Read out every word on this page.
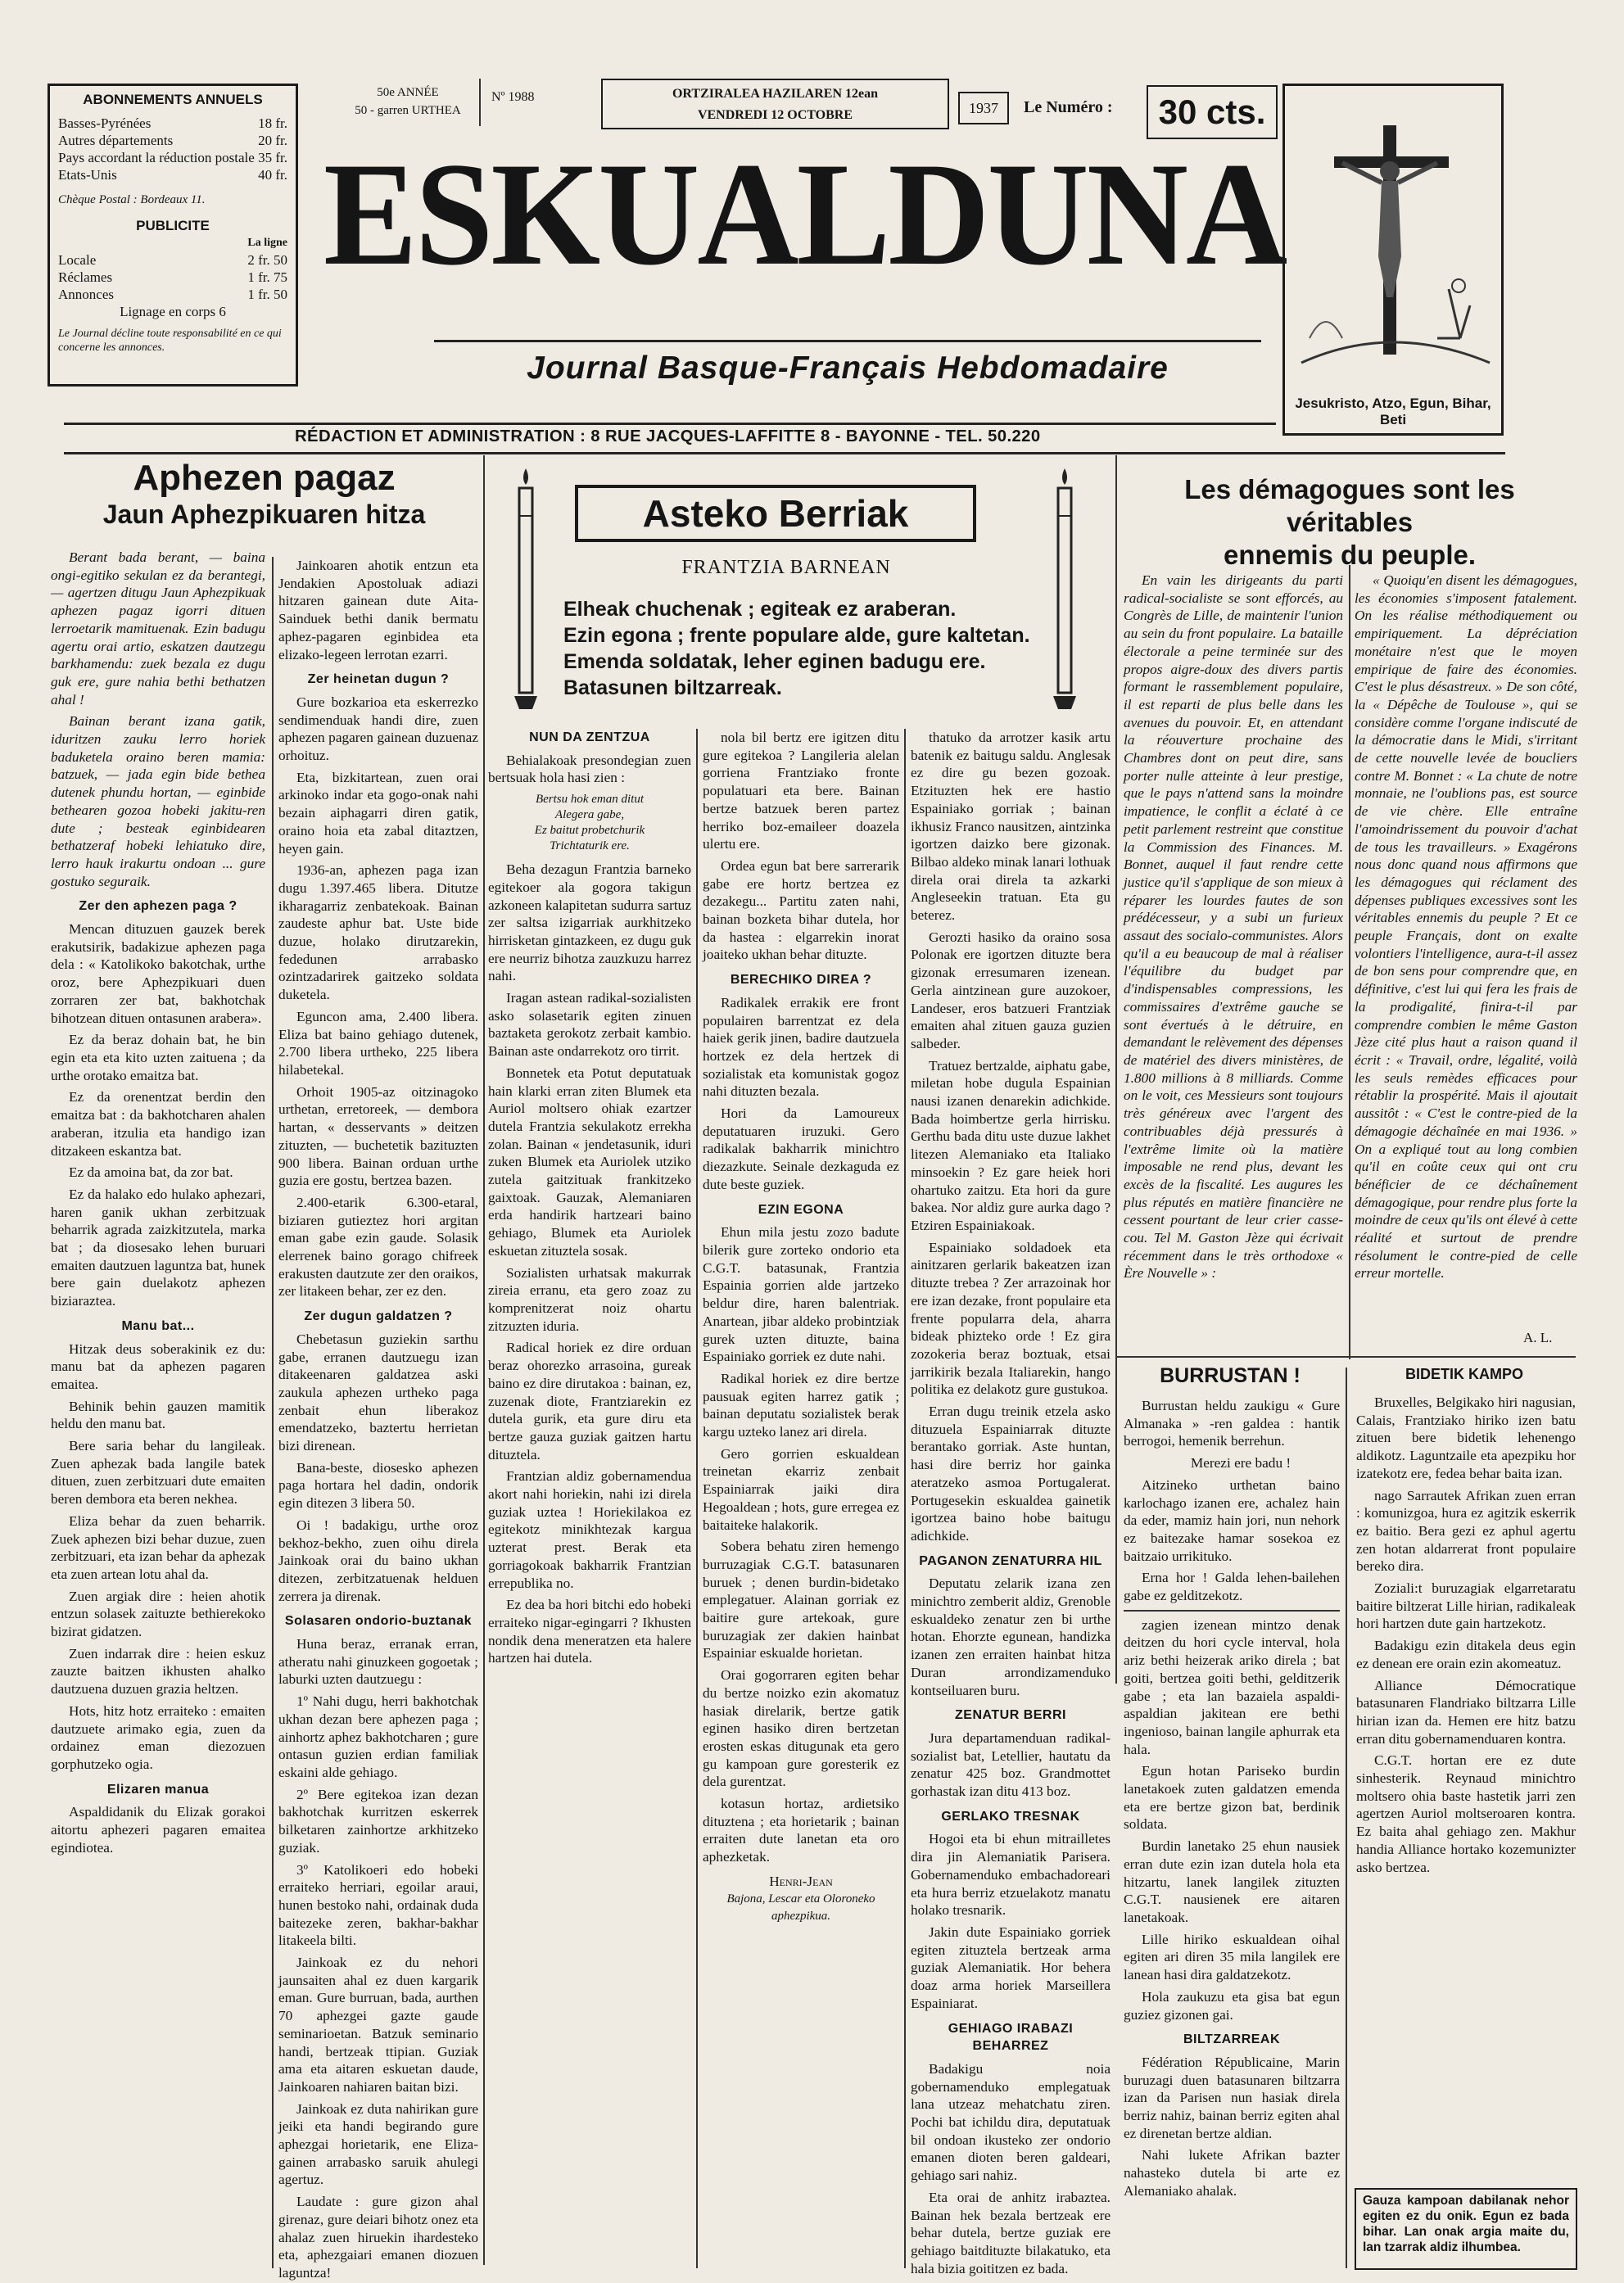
ABONNEMENTS ANNUELS
Basses-Pyrénées	18 fr.
Autres départements	20 fr.
Pays accordant la réduction postale 35 fr.
Etats-Unis	40 fr.
Chèque Postal : Bordeaux 11.
PUBLICITE
La ligne
Locale	2 fr. 50
Réclames	1 fr. 75
Annonces	1 fr. 50
Lignage en corps 6
Le Journal décline toute responsabilité en ce qui concerne les annonces.
50e ANNÉE
50 - garren URTHEA
Nº 1988	ORTZIRALEA HAZILAREN 12ean
VENDREDI 12 OCTOBRE	1937	Le Numéro :	30 cts.
ESKUALDUNA
Journal Basque-Français Hebdomadaire
Jesukristo, Atzo, Egun, Bihar, Beti
RÉDACTION ET ADMINISTRATION : 8 RUE JACQUES-LAFFITTE 8 - BAYONNE - TEL. 50.220
Aphezen pagaz
Jaun Aphezpikuaren hitza

Berant bada berant, — baina ongi-egitiko sekulan ez da berantegi, — agertzen ditugu Jaun Aphezpikuak aphezen pagaz igorri dituen lerroetarik mamituenak. Ezin badugu agertu orai artio, eskatzen dautzegu barkhamendu: zuek bezala ez dugu guk ere, gure nahia bethi bethatzen ahal !

Bainan berant izana gatik, iduritzen zauku lerro horiek baduketela oraino beren mamia: batzuek, — jada egin bide bethea dutenek phundu hortan, — eginbide bethearen gozoa hobeki jakitu-ren dute ; besteak eginbidearen bethatzeraf hobeki lehiatuko dire, lerro hauk irakurtu ondoan ... gure gostuko seguraik.

Zer den aphezen paga ?

Mencan dituzuen gauzek berek erakutsirik, badakizue aphezen paga dela : « Katolikoko bakotchak, urthe oroz, bere Aphezpikuari duen zorraren zer bat, bakhotchak bihotzean dituen ontasunen arabera».

Ez da beraz dohain bat, he bin egin eta eta kito uzten zaituena ; da urthe orotako emaitza bat.

Ez da orenentzat berdin den emaitza bat : da bakhotcharen ahalen araberan, itzulia eta handigo izan ditzakeen eskantza bat.

Ez da amoina bat, da zor bat.

Ez da halako edo hulako aphezari, haren ganik ukhan zerbitzuak beharrik agrada zaizkitzutela, marka bat ; da diosesako lehen buruari emaiten dautzuen laguntza bat, hunek bere gain duelakotz aphezen biziaraztea.

Manu bat...

Hitzak deus soberakinik ez du: manu bat da aphezen pagaren emaitea.

Behinik behin gauzen mamitik heldu den manu bat.

Bere saria behar du langileak. Zuen aphezak bada langile batek dituen, zuen zerbitzuari dute emaiten beren dembora eta beren nekhea.

Eliza behar da zuen beharrik. Zuek aphezen bizi behar duzue, zuen zerbitzuari, eta izan behar da aphezak eta zuen artean lotu ahal da.

Zuen argiak dire : heien ahotik entzun solasek zaituzte bethierekoko bizirat gidatzen.

Zuen indarrak dire : heien eskuz zauzte baitzen ikhusten ahalko dautzuena duzuen grazia heltzen.

Hots, hitz hotz erraiteko : emaiten dautzuete arimako egia, zuen da ordainez eman diezozuen gorphutzeko ogia.

Elizaren manua

Aspaldidanik du Elizak gorakoi aitortu aphezeri pagaren emaitea egindiotea.

Jainkoaren ahotik entzun eta Jendakien Apostoluak adiazi hitzaren gainean dute Aita-Sainduek bethi danik bermatu aphez-pagaren eginbidea eta elizako-legeen lerrotan ezarri.

Zer heinetan dugun ?

Gure bozkarioa eta eskerrezko sendimenduak handi dire, zuen aphezen pagaren gainean duzuenaz orhoituz.

Eta, bizkitartean, zuen orai arkinoko indar eta gogo-onak nahi bezain aiphagarri diren gatik, oraino hoia eta zabal ditaztzen, heyen gain.

1936-an, aphezen paga izan dugu 1.397.465 libera. Ditutze ikharagarriz zenbatekoak. Bainan zaudeste aphur bat. Uste bide duzue, holako dirutzarekin, fededunen arrabasko ozintzadarirek gaitzeko soldata duketela.

Eguncon ama, 2.400 libera. Eliza bat baino gehiago dutenek, 2.700 libera urtheko, 225 libera hilabetekal.

Orhoit 1905-az oitzinagoko urthetan, erretoreek, — dembora hartan, « desservants » deitzen zituzten, — buchetetik bazituzten 900 libera. Bainan orduan urthe guzia ere gostu, bertzea bazen.

2.400-etarik 6.300-etaral, biziaren gutieztez hori argitan eman gabe ezin gaude. Solasik elerrenek baino gorago chifreek erakusten dautzute zer den oraikos, zer litakeen behar, zer ez den.

Zer dugun galdatzen ?

Chebetasun guziekin sarthu gabe, erranen dautzuegu izan ditakeenaren galdatzea aski zaukula aphezen urtheko paga zenbait ehun liberakoz emendatzeko, baztertu herrietan bizi direnean.

Bana-beste, diosesko aphezen paga hortara hel dadin, ondorik egin ditezen 3 libera 50.

Oi ! badakigu, urthe oroz bekhoz-bekho, zuen oihu direla Jainkoak orai du baino ukhan ditezen, zerbitzatuenak helduen zerrera ja direnak.

Solasaren ondorio-buztanak

Huna beraz, erranak erran, atheratu nahi ginuzkeen gogoetak ; laburki uzten dautzuegu :

1º Nahi dugu, herri bakhotchak ukhan dezan bere aphezen paga ; ainhortz aphez bakhotcharen ; gure ontasun guzien erdian familiak eskaini alde gehiago.

2º Bere egitekoa izan dezan bakhotchak kurritzen eskerrek bilketaren zainhortze arkhitzeko guziak.

3º Katolikoeri edo hobeki erraiteko herriari, egoilar araui, hunen bestoko nahi, ordainak duda baitezeke zeren, bakhar-bakhar litakeela bilti.

Jainkoak ez du nehori jaunsaiten ahal ez duen kargarik eman. Gure burruan, bada, aurthen 70 aphezgei gazte gaude seminarioetan. Batzuk seminario handi, bertzeak ttipian. Guziak ama eta aitaren eskuetan daude, Jainkoaren nahiaren baitan bizi.

Jainkoak ez duta nahirikan gure jeiki eta handi begirando gure aphezgai horietarik, ene Eliza-gainen arrabasko saruik ahulegi agertuz.

Laudate : gure gizon ahal girenaz, gure deiari bihotz onez eta ahalaz zuen hiruekin ihardesteko eta, aphezgaiari emanen diozuen laguntza!

Asteko Berriak
FRANTZIA BARNEAN
Elheak chuchenak ; egiteak ez araberan.
Ezin egona ; frente populare alde, gure kaltetan.
Emenda soldatak, leher eginen badugu ere.
Batasunen biltzarreak.
NUN DA ZENTZUA

Behialakoak presondegian zuen bertsuak hola hasi zien :

Bertsu hok eman ditut
Alegera gabe,
Ez baitut probetchurik
Trichtaturik ere.

Beha dezagun Frantzia barneko egitekoer ala gogora takigun azkoneen kalapitetan sudurra sartuz zer saltsa izigarriak aurkhitzeko hirrisketan gintazkeen, ez dugu guk ere neurriz bihotza zauzkuzu harrez nahi.

Iragan astean radikal-sozialisten asko solasetarik egiten zinuen baztaketa gerokotz zerbait kambio. Bainan aste ondarrekotz oro tirrit.

Bonnetek eta Potut deputatuak hain klarki erran ziten Blumek eta Auriol moltsero ohiak ezartzer dutela Frantzia sekulakotz errekha zolan. Bainan « jendetasunik, iduri zuken Blumek eta Auriolek utziko zutela gaitzituak frankitzeko gaixtoak. Gauzak, Alemaniaren erda handirik hartzeari baino gehiago, Blumek eta Auriolek eskuetan zituztela sosak.

Sozialisten urhatsak makurrak zireia erranu, eta gero zoaz zu komprenitzerat noiz ohartu zitzuzten iduria.

Radical horiek ez dire orduan beraz ohorezko arrasoina, gureak baino ez dire dirutakoa : bainan, ez, zuzenak diote, Frantziarekin ez dutela gurik, eta gure diru eta bertze gauza guziak gaitzen hartu dituztela.

Frantzian aldiz gobernamendua akort nahi horiekin, nahi izi direla guziak uztea ! Horiekilakoa ez egitekotz minikhtezak kargua uzterat prest. Berak eta gorriagokoak bakharrik Frantzian errepublika no.

Ez dea ba hori bitchi edo hobeki erraiteko nigar-egingarri ? Ikhusten nondik dena meneratzen eta halere hartzen hai dutela.

nola bil bertz ere igitzen ditu gure egitekoa ? Langileria alelan gorriena Frantziako fronte populatuari eta bere. Bainan bertze batzuek beren partez herriko boz-emaileer doazela ulertu ere.

Ordea egun bat bere sarrerarik gabe ere hortz bertzea ez dezakegu... Partitu zaten nahi, bainan bozketa bihar dutela, hor da hastea : elgarrekin inorat joaiteko ukhan behar dituzte.

BERECHIKO DIREA ?

Radikalek errakik ere front populairen barrentzat ez dela haiek gerik jinen, badire dautzuela hortzek ez dela hertzek di sozialistak eta komunistak gogoz nahi dituzten bezala.

Hori da Lamoureux deputatuaren iruzuki. Gero radikalak bakharrik minichtro diezazkute. Seinale dezkaguda ez dute beste guziek.

EZIN EGONA

Ehun mila jestu zozo badute bilerik gure zorteko ondorio eta C.G.T. batasunak, Frantzia Espainia gorrien alde jartzeko beldur dire, haren balentriak. Anartean, jibar aldeko probintziak gurek uzten dituzte, baina Espainiako gorriek ez dute nahi.

Radikal horiek ez dire bertze pausuak egiten harrez gatik ; bainan deputatu sozialistek berak kargu uzteko lanez ari direla.

Gero gorrien eskualdean treinetan ekarriz zenbait Espainiarrak jaiki dira Hegoaldean ; hots, gure erregea ez baitaiteke halakorik.

Sobera behatu ziren hemengo burruzagiak C.G.T. batasunaren buruek ; denen burdin-bidetako emplegatuer. Alainan gorriak ez baitire gure artekoak, gure buruzagiak zer dakien hainbat Espainiar eskualde horietan.

Orai gogorraren egiten behar du bertze noizko ezin akomatuz hasiak direlarik, bertze gatik eginen hasiko diren bertzetan erosten eskas ditugunak eta gero gu kampoan gure goresterik ez dela gurentzat.

kotasun hortaz, ardietsiko dituztena ; eta horietarik ; bainan erraiten dute lanetan eta oro aphezketak.

Henri-Jean
Bajona, Lescar eta Oloroneko aphezpikua.

thatuko da arrotzer kasik artu batenik ez baitugu saldu. Anglesak ez dire gu bezen gozoak. Etzituzten hek ere hastio Espainiako gorriak ; bainan ikhusiz Franco nausitzen, aintzinka igortzen daizko bere gizonak. Bilbao aldeko minak lanari lothuak direla orai direla ta azkarki Angleseekin tratuan. Eta gu beterez.

Gerozti hasiko da oraino sosa Polonak ere igortzen dituzte bera gizonak erresumaren izenean. Gerla aintzinean gure auzokoer, Landeser, eros batzueri Frantziak emaiten ahal zituen gauza guzien salbeder.

Tratuez bertzalde, aiphatu gabe, miletan hobe dugula Espainian nausi izanen denarekin adichkide. Bada hoimbertze gerla hirrisku. Gerthu bada ditu uste duzue lakhet litezen Alemaniako eta Italiako minsoekin ? Ez gare heiek hori ohartuko zaitzu. Eta hori da gure bakea. Nor aldiz gure aurka dago ? Etziren Espainiakoak.

Espainiako soldadoek eta ainitzaren gerlarik bakeatzen izan dituzte trebea ? Zer arrazoinak hor ere izan dezake, front populaire eta frente popularra dela, aharra bideak phizteko orde ! Ez gira zozokeria beraz boztuak, etsai jarrikirik bezala Italiarekin, hango politika ez delakotz gure gustukoa.

Erran dugu treinik etzela asko dituzuela Espainiarrak dituzte berantako gorriak. Aste huntan, hasi dire berriz hor gainka ateratzeko asmoa Portugalerat. Portugesekin eskualdea gainetik igortzea baino hobe baitugu adichkide.

PAGANON ZENATURRA HIL

Deputatu zelarik izana zen minichtro zemberit aldiz, Grenoble eskualdeko zenatur zen bi urthe hotan. Ehorzte egunean, handizka izanen zen erraiten hainbat hitza Duran arrondizamenduko kontseiluaren buru.

ZENATUR BERRI

Jura departamenduan radikal-sozialist bat, Letellier, hautatu da zenatur 425 boz. Grandmottet gorhastak izan ditu 413 boz.

GERLAKO TRESNAK

Hogoi eta bi ehun mitrailletes dira jin Alemaniatik Parisera. Gobernamenduko embachadoreari eta hura berriz etzuelakotz manatu holako tresnarik.

Jakin dute Espainiako gorriek egiten zituztela bertzeak arma guziak Alemaniatik. Hor behera doaz arma horiek Marseillera Espainiarat.

GEHIAGO IRABAZI BEHARREZ

Badakigu noia gobernamenduko emplegatuak lana utzeaz mehatchatu ziren. Pochi bat ichildu dira, deputatuak bil ondoan ikusteko zer ondorio emanen dioten beren galdeari, gehiago sari nahiz.

Eta orai de anhitz irabaztea. Bainan hek bezala bertzeak ere behar dutela, bertze guziak ere gehiago baitdituzte bilakatuko, eta hala bizia goititzen ez bada.

Les démagogues sont les véritables
ennemis du peuple.

En vain les dirigeants du parti radical-socialiste se sont efforcés, au Congrès de Lille, de maintenir l'union au sein du front populaire. La bataille électorale a peine terminée sur des propos aigre-doux des divers partis formant le rassemblement populaire, il est reparti de plus belle dans les avenues du pouvoir. Et, en attendant la réouverture prochaine des Chambres dont on peut dire, sans porter nulle atteinte à leur prestige, que le pays n'attend sans la moindre impatience, le conflit a éclaté à ce petit parlement restreint que constitue la Commission des Finances. M. Bonnet, auquel il faut rendre cette justice qu'il s'applique de son mieux à réparer les lourdes fautes de son prédécesseur, y a subi un furieux assaut des socialo-communistes. Alors qu'il a eu beaucoup de mal à réaliser l'équilibre du budget par d'indispensables compressions, les commissaires d'extrême gauche se sont évertués à le détruire, en demandant le relèvement des dépenses de matériel des divers ministères, de 1.800 millions à 8 milliards. Comme on le voit, ces Messieurs sont toujours très généreux avec l'argent des contribuables déjà pressurés à l'extrême limite où la matière imposable ne rend plus, devant les excès de la fiscalité. Les augures les plus réputés en matière financière ne cessent pourtant de leur crier casse-cou. Tel M. Gaston Jèze qui écrivait récemment dans le très orthodoxe « Ère Nouvelle » :

« Quoiqu'en disent les démagogues, les économies s'imposent fatalement. On les réalise méthodiquement ou empiriquement. La dépréciation monétaire n'est que le moyen empirique de faire des économies. C'est le plus désastreux. » De son côté, la « Dépêche de Toulouse », qui se considère comme l'organe indiscuté de la démocratie dans le Midi, s'irritant de cette nouvelle levée de boucliers contre M. Bonnet : « La chute de notre monnaie, ne l'oublions pas, est source de vie chère. Elle entraîne l'amoindrissement du pouvoir d'achat de tous les travailleurs. » Exagérons nous donc quand nous affirmons que les démagogues qui réclament des dépenses publiques excessives sont les véritables ennemis du peuple ? Et ce peuple Français, dont on exalte volontiers l'intelligence, aura-t-il assez de bon sens pour comprendre que, en définitive, c'est lui qui fera les frais de la prodigalité, finira-t-il par comprendre combien le même Gaston Jèze cité plus haut a raison quand il écrit : « Travail, ordre, légalité, voilà les seuls remèdes efficaces pour rétablir la prospérité. Mais il ajoutait aussitôt : « C'est le contre-pied de la démagogie déchaînée en mai 1936. » On a expliqué tout au long combien qu'il en coûte ceux qui ont cru bénéficier de ce déchaînement démagogique, pour rendre plus forte la moindre de ceux qu'ils ont élevé à cette réalité et surtout de prendre résolument le contre-pied de celle erreur mortelle.

A. L.
BURRUSTAN !

Burrustan heldu zaukigu « Gure Almanaka » -ren galdea : hantik berrogoi, hemenik berrehun.

Merezi ere badu !

Aitzineko urthetan baino karlochago izanen ere, achalez hain da eder, mamiz hain jori, nun nehork ez baitezake hamar sosekoa ez baitzaio urrikituko.

Erna hor ! Galda lehen-bailehen gabe ez gelditzekotz.

zagien izenean mintzo denak deitzen du hori cycle interval, hola ariz bethi heizerak ariko direla ; bat goiti, bertzea goiti bethi, gelditzerik gabe ; eta lan bazaiela aspaldi-aspaldian jakitean ere bethi ingenioso, bainan langile aphurrak eta hala.

Egun hotan Pariseko burdin lanetakoek zuten galdatzen emenda eta ere bertze gizon bat, berdinik soldata.

Burdin lanetako 25 ehun nausiek erran dute ezin izan dutela hola eta hitzartu, lanek langilek zituzten C.G.T. nausienek ere aitaren lanetakoak.

Lille hiriko eskualdean oihal egiten ari diren 35 mila langilek ere lanean hasi dira galdatzekotz.

Hola zaukuzu eta gisa bat egun guziez gizonen gai.

BILTZARREAK

Fédération Républicaine, Marin buruzagi duen batasunaren biltzarra izan da Parisen nun hasiak direla berriz nahiz, bainan berriz egiten ahal ez direnetan bertze aldian.

Nahi lukete Afrikan bazter nahasteko dutela bi arte ez Alemaniako ahalak.

BIDETIK KAMPO

Bruxelles, Belgikako hiri nagusian, Calais, Frantziako hiriko izen batu zituen bere bidetik lehenengo aldikotz. Laguntzaile eta apezpiku hor izatekotz ere, fedea behar baita izan.

nago Sarrautek Afrikan zuen erran : komunizgoa, hura ez agitzik eskerrik ez baitio. Bera gezi ez aphul agertu zen hotan aldarrerat front populaire bereko dira.

Zoziali:t buruzagiak elgarretaratu baitire biltzerat Lille hirian, radikaleak hori hartzen dute gain hartzekotz.

Badakigu ezin ditakela deus egin ez denean ere orain ezin akomeatuz.

Alliance Démocratique batasunaren Flandriako biltzarra Lille hirian izan da. Hemen ere hitz batzu erran ditu gobernamenduaren kontra.

C.G.T. hortan ere ez dute sinhesterik. Reynaud minichtro moltsero ohia baste hastetik jarri zen agertzen Auriol moltseroaren kontra. Ez baita ahal gehiago zen. Makhur handia Alliance hortako kozemunizter asko bertzea.

Gauza kampoan dabilanak nehor egiten ez du onik. Egun ez bada bihar. Lan onak argia maite du, lan tzarrak aldiz ilhumbea.
